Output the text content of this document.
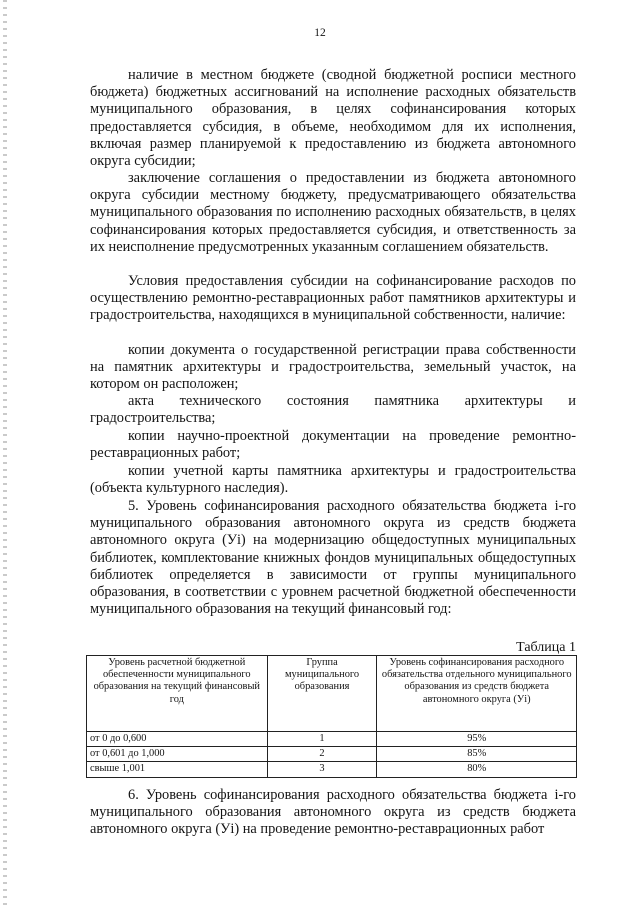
12

наличие в местном бюджете (сводной бюджетной росписи местного бюджета) бюджетных ассигнований на исполнение расходных обязательств муниципального образования, в целях софинансирования которых предоставляется субсидия, в объеме, необходимом для их исполнения, включая размер планируемой к предоставлению из бюджета автономного округа субсидии;

заключение соглашения о предоставлении из бюджета автономного округа субсидии местному бюджету, предусматривающего обязательства муниципального образования по исполнению расходных обязательств, в целях софинансирования которых предоставляется субсидия, и ответственность за их неисполнение предусмотренных указанным соглашением обязательств.

Условия предоставления субсидии на софинансирование расходов по осуществлению ремонтно-реставрационных работ памятников архитектуры и градостроительства, находящихся в муниципальной собственности, наличие:

копии документа о государственной регистрации права собственности на памятник архитектуры и градостроительства, земельный участок, на котором он расположен;

акта технического состояния памятника архитектуры и градостроительства;

копии научно-проектной документации на проведение ремонтно-реставрационных работ;

копии учетной карты памятника архитектуры и градостроительства (объекта культурного наследия).

5. Уровень софинансирования расходного обязательства бюджета i-го муниципального образования автономного округа из средств бюджета автономного округа (Уi) на модернизацию общедоступных муниципальных библиотек, комплектование книжных фондов муниципальных общедоступных библиотек определяется в зависимости от группы муниципального образования, в соответствии с уровнем расчетной бюджетной обеспеченности муниципального образования на текущий финансовый год:

Таблица 1
Уровень расчетной бюджетной обеспеченности муниципального образования на текущий финансовый год	Группа муниципального образования	Уровень софинансирования расходного обязательства отдельного муниципального образования из средств бюджета автономного округа (Уi)
от 0 до 0,600	1	95%
от 0,601 до 1,000	2	85%
свыше 1,001	3	80%

6. Уровень софинансирования расходного обязательства бюджета i-го муниципального образования автономного округа из средств бюджета автономного округа (Уi) на проведение ремонтно-реставрационных работ
